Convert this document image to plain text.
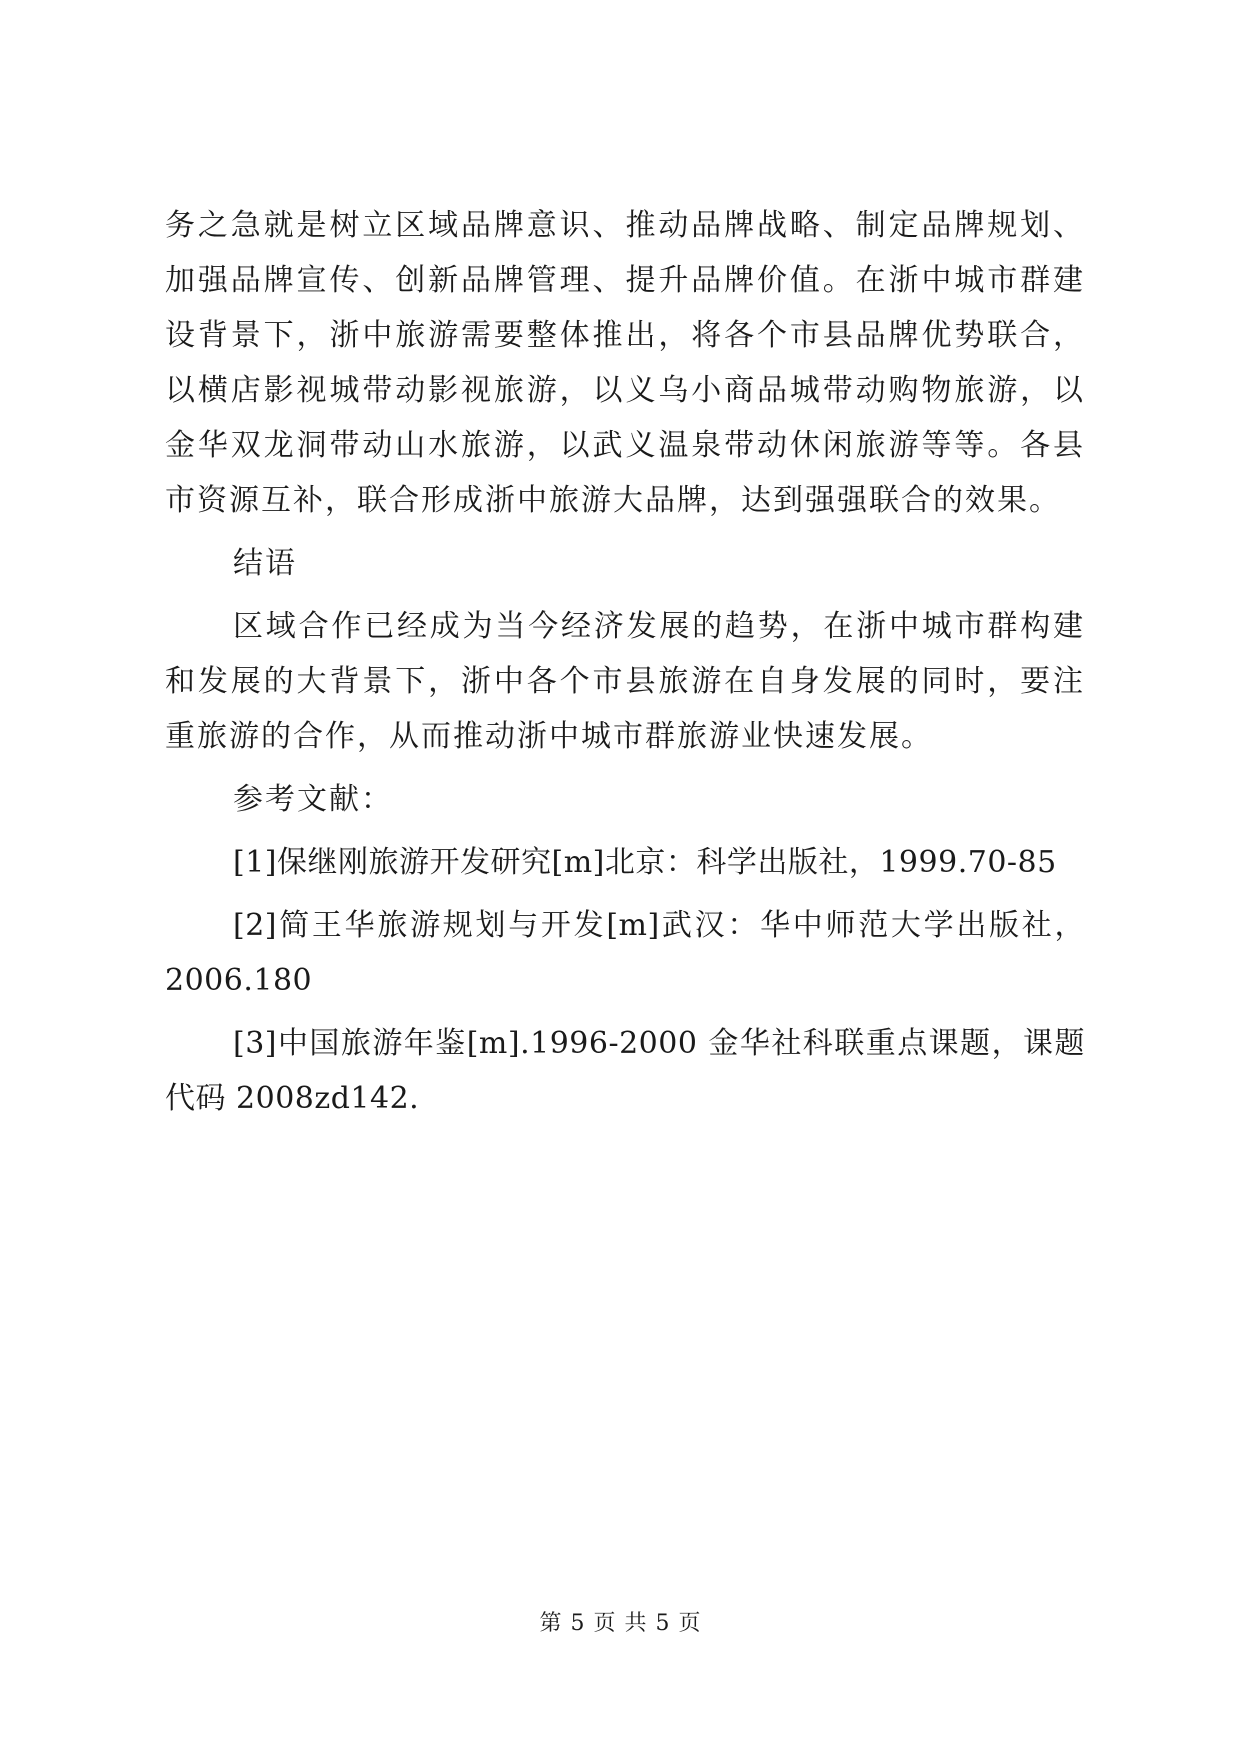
务之急就是树立区域品牌意识、推动品牌战略、制定品牌规划、加强品牌宣传、创新品牌管理、提升品牌价值。在浙中城市群建设背景下，浙中旅游需要整体推出，将各个市县品牌优势联合，以横店影视城带动影视旅游，以义乌小商品城带动购物旅游，以金华双龙洞带动山水旅游，以武义温泉带动休闲旅游等等。各县市资源互补，联合形成浙中旅游大品牌，达到强强联合的效果。

结语

区域合作已经成为当今经济发展的趋势，在浙中城市群构建和发展的大背景下，浙中各个市县旅游在自身发展的同时，要注重旅游的合作，从而推动浙中城市群旅游业快速发展。

参考文献：

[1]保继刚旅游开发研究[m]北京：科学出版社，1999.70-85

[2]简王华旅游规划与开发[m]武汉：华中师范大学出版社，2006.180

[3]中国旅游年鉴[m].1996-2000 金华社科联重点课题，课题代码 2008zd142.

第 5 页 共 5 页
